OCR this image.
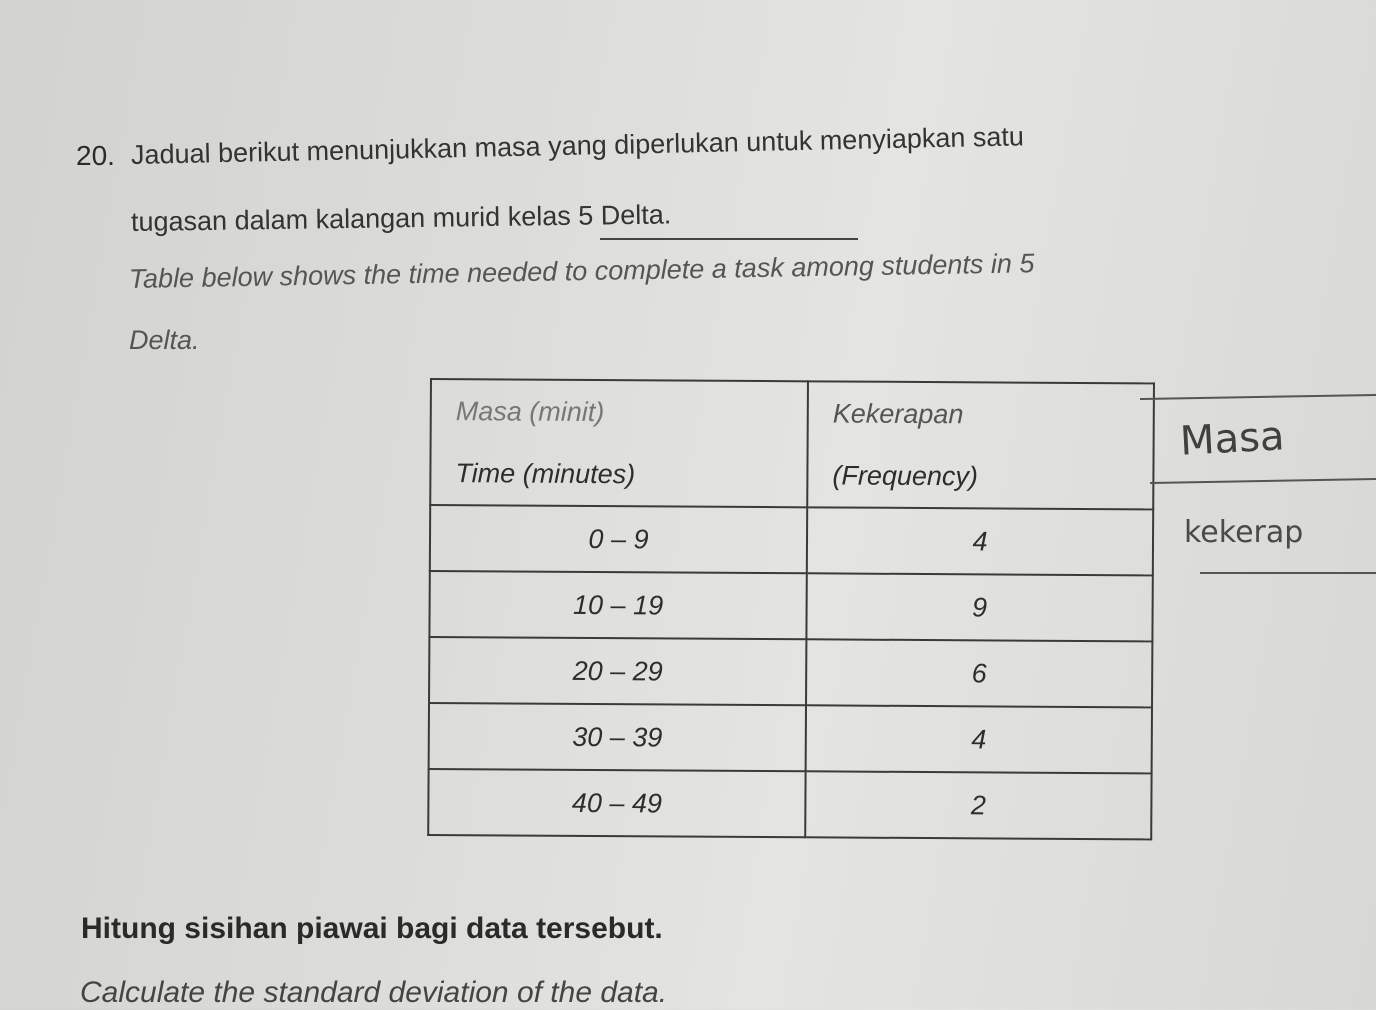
20. Jadual berikut menunjukkan masa yang diperlukan untuk menyiapkan satu
tugasan dalam kalangan murid kelas 5 Delta.
Table below shows the time needed to complete a task among students in 5
Delta.
Masa (minit)	Kekerapan
Time (minutes)	(Frequency)
0 – 9	4
10 – 19	9
20 – 29	6
30 – 39	4
40 – 49	2
Masa
kekerap
Hitung sisihan piawai bagi data tersebut.
Calculate the standard deviation of the data.
